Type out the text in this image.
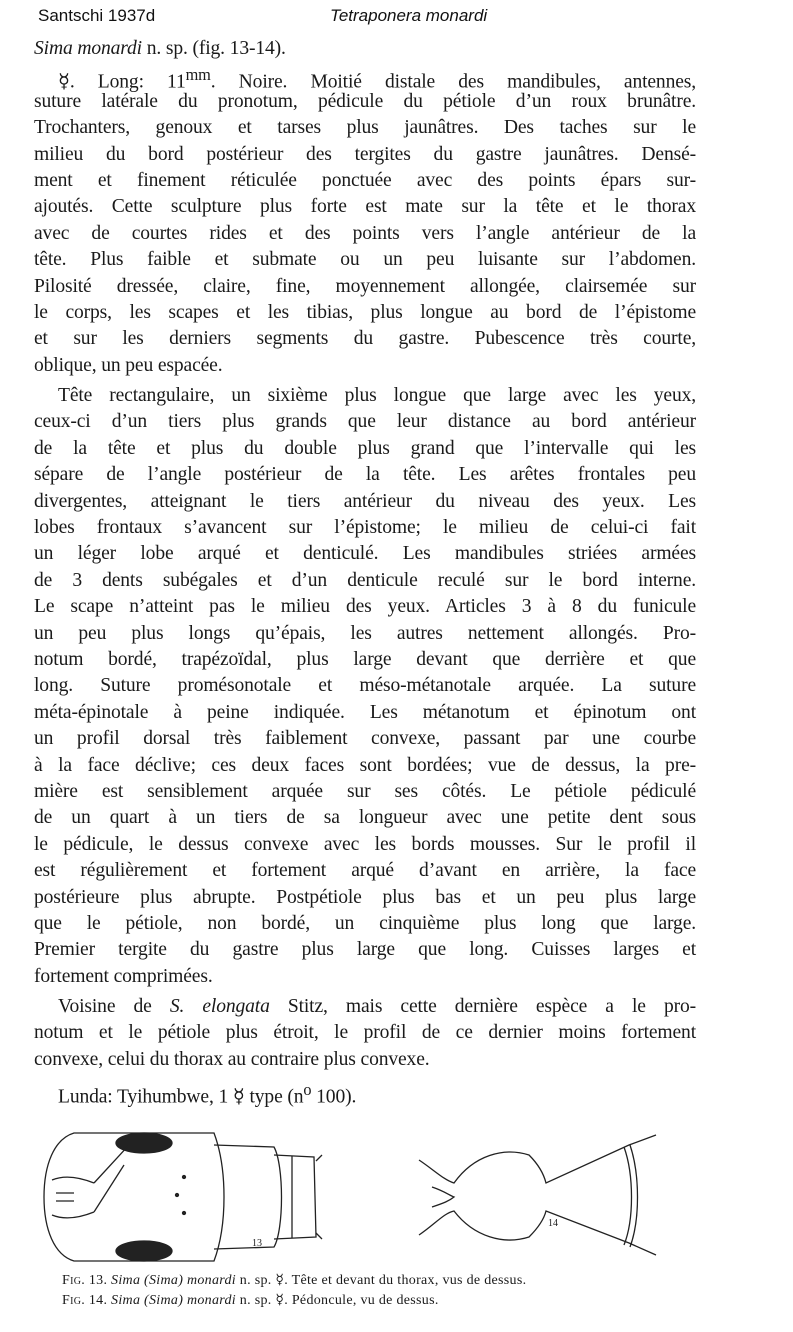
Santschi 1937d	Tetraponera monardi
Sima monardi n. sp. (fig. 13-14).
☿. Long: $11^{mm}$. Noire. Moitié distale des mandibules, antennes,
suture latérale du pronotum, pédicule du pétiole d’un roux brunâtre.
Trochanters, genoux et tarses plus jaunâtres. Des taches sur le
milieu du bord postérieur des tergites du gastre jaunâtres. Densé-
ment et finement réticulée ponctuée avec des points épars sur-
ajoutés. Cette sculpture plus forte est mate sur la tête et le thorax
avec de courtes rides et des points vers l’angle antérieur de la
tête. Plus faible et submate ou un peu luisante sur l’abdomen.
Pilosité dressée, claire, fine, moyennement allongée, clairsemée sur
le corps, les scapes et les tibias, plus longue au bord de l’épistome
et sur les derniers segments du gastre. Pubescence très courte,
oblique, un peu espacée.
Tête rectangulaire, un sixième plus longue que large avec les yeux,
ceux-ci d’un tiers plus grands que leur distance au bord antérieur
de la tête et plus du double plus grand que l’intervalle qui les
sépare de l’angle postérieur de la tête. Les arêtes frontales peu
divergentes, atteignant le tiers antérieur du niveau des yeux. Les
lobes frontaux s’avancent sur l’épistome; le milieu de celui-ci fait
un léger lobe arqué et denticulé. Les mandibules striées armées
de 3 dents subégales et d’un denticule reculé sur le bord interne.
Le scape n’atteint pas le milieu des yeux. Articles 3 à 8 du funicule
un peu plus longs qu’épais, les autres nettement allongés. Pro-
notum bordé, trapézoïdal, plus large devant que derrière et que
long. Suture promésonotale et méso-métanotale arquée. La suture
méta-épinotale à peine indiquée. Les métanotum et épinotum ont
un profil dorsal très faiblement convexe, passant par une courbe
à la face déclive; ces deux faces sont bordées; vue de dessus, la pre-
mière est sensiblement arquée sur ses côtés. Le pétiole pédiculé
de un quart à un tiers de sa longueur avec une petite dent sous
le pédicule, le dessus convexe avec les bords mousses. Sur le profil il
est régulièrement et fortement arqué d’avant en arrière, la face
postérieure plus abrupte. Postpétiole plus bas et un peu plus large
que le pétiole, non bordé, un cinquième plus long que large.
Premier tergite du gastre plus large que long. Cuisses larges et
fortement comprimées.
Voisine de S. elongata Stitz, mais cette dernière espèce a le pro-
notum et le pétiole plus étroit, le profil de ce dernier moins fortement
convexe, celui du thorax au contraire plus convexe.
Lunda: Tyihumbwe, 1 ☿ type ($n^o$ 100).
13
14
Fig. 13. Sima (Sima) monardi n. sp. ☿. Tête et devant du thorax, vus de dessus.
Fig. 14. Sima (Sima) monardi n. sp. ☿. Pédoncule, vu de dessus.
